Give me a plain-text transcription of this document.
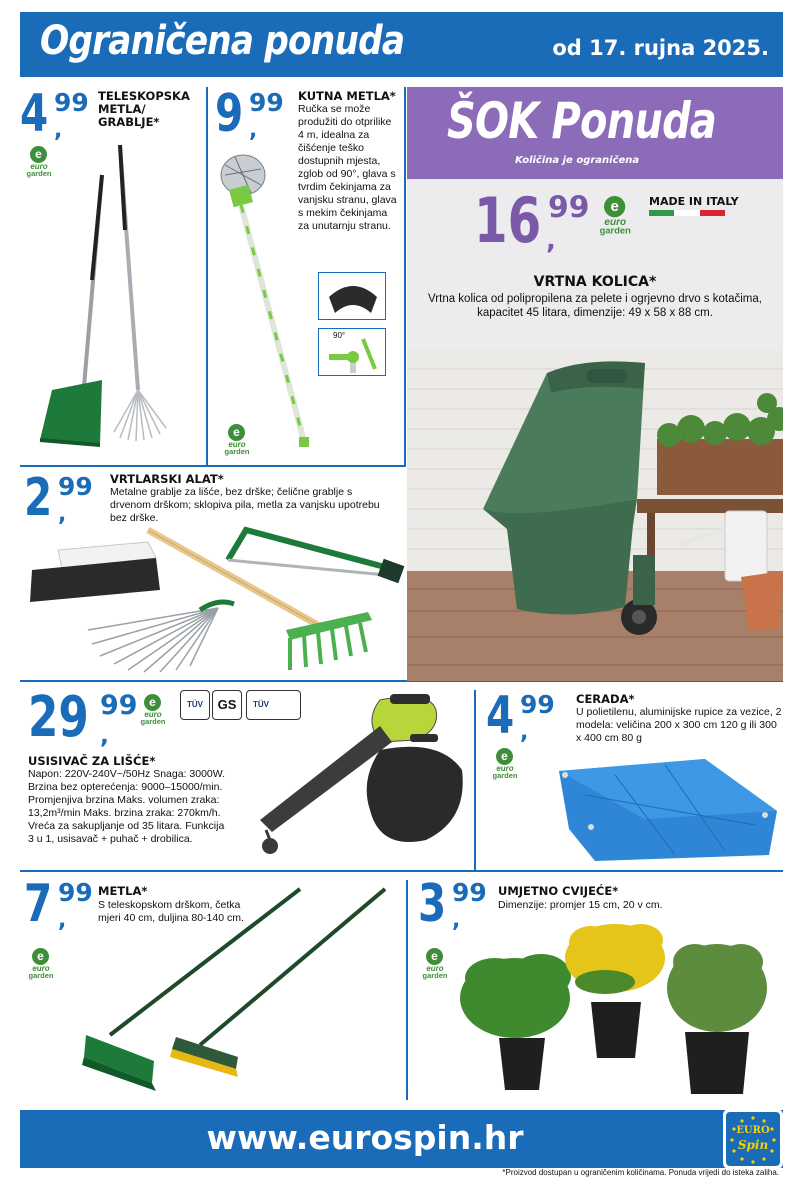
Ograničena ponuda	od 17. rujna 2025.
4 99
,
TELESKOPSKA METLA/ GRABLJE*
e
euro
garden
9 99
,
KUTNA METLA*
Ručka se može produžiti do otprilike 4 m, idealna za čišćenje teško dostupnih mjesta, zglob od 90°, glava s tvrdim čekinjama za vanjsku stranu, glava s mekim čekinjama za unutarnju stranu.
90°
e
euro
garden
2 99
,
VRTLARSKI ALAT*
Metalne grablje za lišće, bez drške; čelične grablje s drvenom drškom; sklopiva pila, metla za vanjsku upotrebu bez drške.
ŠOK Ponuda
Količina je ograničena
16 99
,
e
euro
garden
MADE IN ITALY
VRTNA KOLICA*
Vrtna kolica od polipropilena za pelete i ogrjevno drvo s kotačima, kapacitet 45 litara, dimenzije: 49 x 58 x 88 cm.
29 99
,
e
euro
garden
TÜV	GS	TÜV
USISIVAČ ZA LIŠĆE*
Napon: 220V-240V~/50Hz Snaga: 3000W. Brzina bez opterećenja: 9000–15000/min. Promjenjiva brzina Maks. volumen zraka: 13,2m³/min Maks. brzina zraka: 270km/h. Vreća za sakupljanje od 35 litara. Funkcija 3 u 1, usisavač + puhač + drobilica.
4 99
,
CERADA*
U polietilenu, aluminijske rupice za vezice, 2 modela: veličina 200 x 300 cm 120 g ili 300 x 400 cm 80 g
e
euro
garden
7 99
,
METLA*
S teleskopskom drškom, četka mjeri 40 cm, duljina 80-140 cm.
e
euro
garden
3 99
,
UMJETNO CVIJEĆE*
Dimenzije: promjer 15 cm, 20 v cm.
e
euro
garden
www.eurospin.hr	EURO
Spin
*Proizvod dostupan u ograničenim količinama. Ponuda vrijedi do isteka zaliha.
